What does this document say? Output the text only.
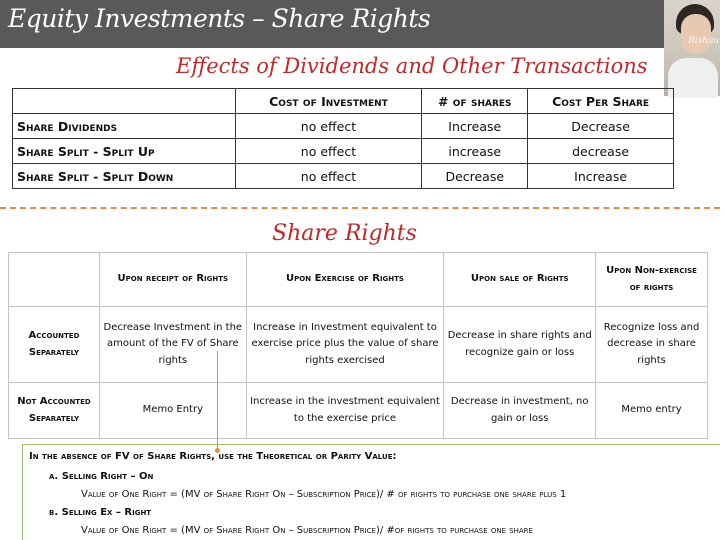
Equity Investments – Share Rights
Rishaun
Effects of Dividends and Other Transactions
	Cost of Investment	# of shares	Cost Per Share
Share Dividends	no effect	Increase	Decrease
Share Split - Split Up	no effect	increase	decrease
Share Split - Split Down	no effect	Decrease	Increase
Share Rights
	Upon receipt of Rights	Upon Exercise of Rights	Upon sale of Rights	Upon Non-exercise of rights
Accounted Separately	Decrease Investment in the amount of the FV of Share rights	Increase in Investment equivalent to exercise price plus the value of share rights exercised	Decrease in share rights and recognize gain or loss	Recognize loss and decrease in share rights
Not Accounted Separately	Memo Entry	Increase in the investment equivalent to the exercise price	Decrease in investment, no gain or loss	Memo entry
In the absence of FV of Share Rights, use the Theoretical or Parity Value:
a. Selling Right – On
Value of One Right = (MV of Share Right On – Subscription Price)/ # of rights to purchase one share plus 1
b. Selling Ex – Right
Value of One Right = (MV of Share Right On – Subscription Price)/ #of rights to purchase one share
